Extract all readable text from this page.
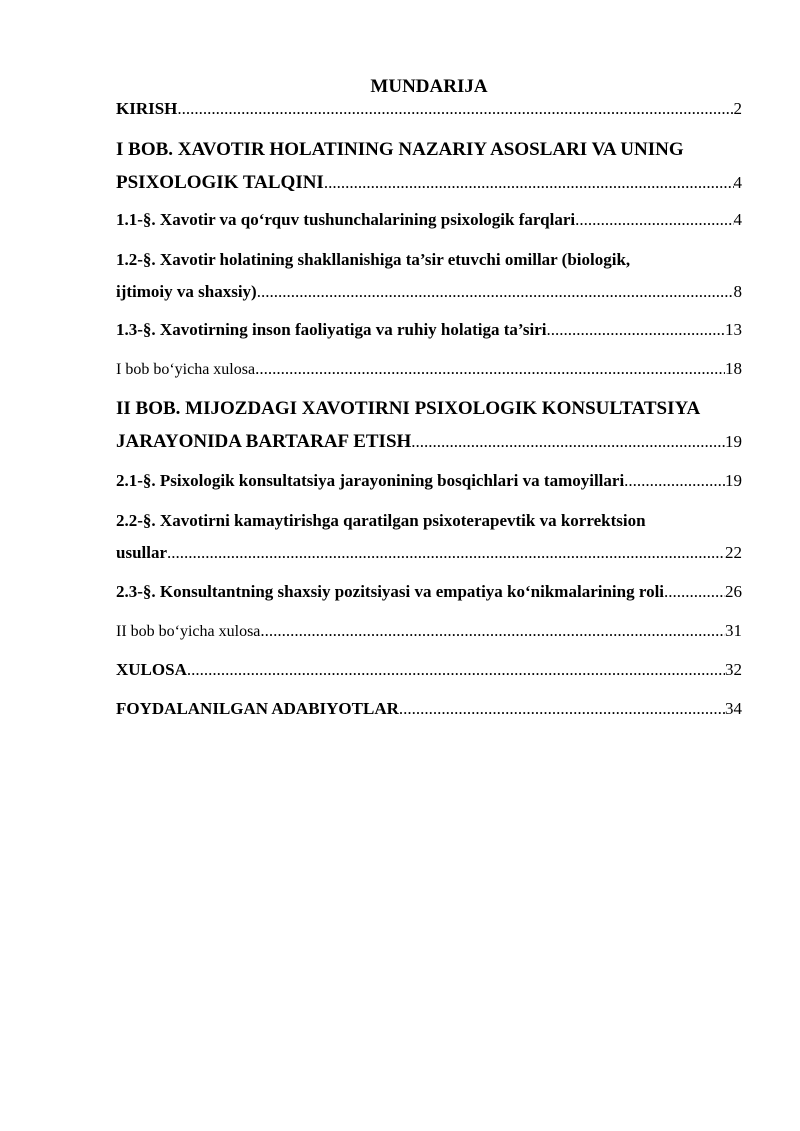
MUNDARIJA
KIRISH .....	2
I BOB. XAVOTIR HOLATINING NAZARIY ASOSLARI VA UNING
PSIXOLOGIK TALQINI .....	4
1.1-§. Xavotir va qo‘rquv tushunchalarining psixologik farqlari .....	4
1.2-§. Xavotir holatining shakllanishiga ta’sir etuvchi omillar (biologik,
ijtimoiy va shaxsiy) .....	8
1.3-§. Xavotirning inson faoliyatiga va ruhiy holatiga ta’siri .....	13
I bob bo‘yicha xulosa .....	18
II BOB. MIJOZDAGI XAVOTIRNI PSIXOLOGIK KONSULTATSIYA
JARAYONIDA BARTARAF ETISH .....	19
2.1-§. Psixologik konsultatsiya jarayonining bosqichlari va tamoyillari .....	19
2.2-§. Xavotirni kamaytirishga qaratilgan psixoterapevtik va korrektsion
usullar .....	22
2.3-§. Konsultantning shaxsiy pozitsiyasi va empatiya ko‘nikmalarining roli .....	26
II bob bo‘yicha xulosa .....	31
XULOSA .....	32
FOYDALANILGAN ADABIYOTLAR .....	34
